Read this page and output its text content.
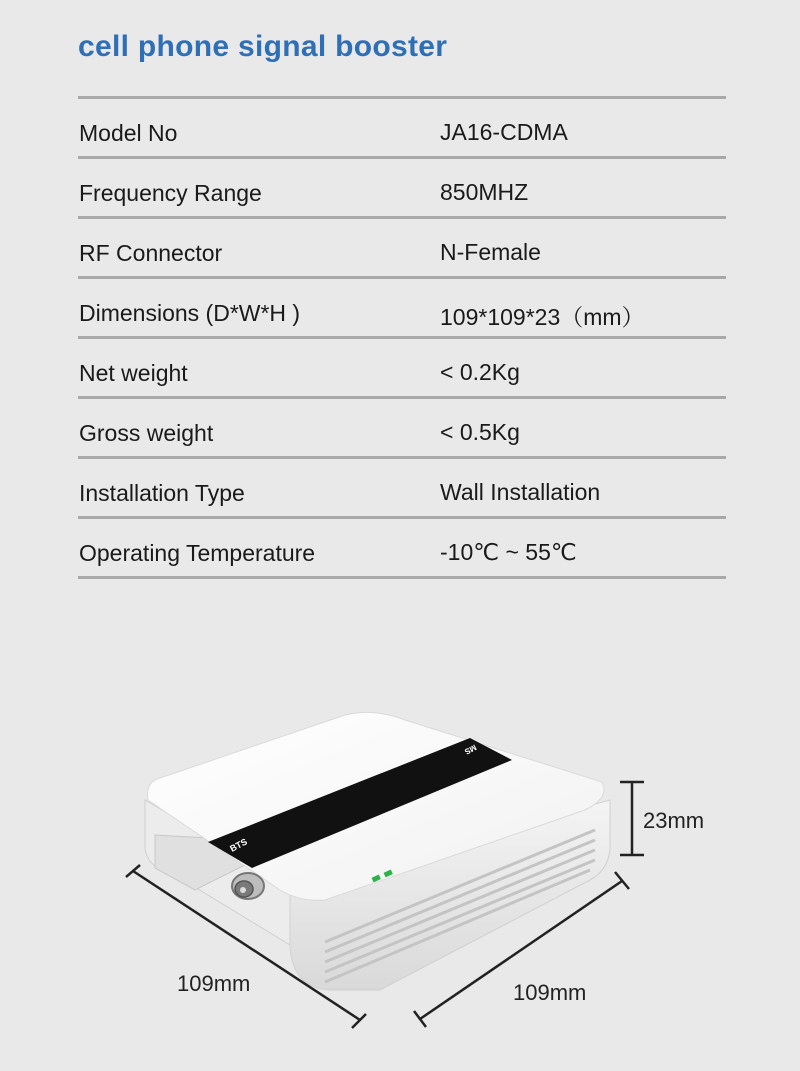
cell phone signal booster
Model No	JA16-CDMA
Frequency Range	850MHZ
RF Connector	N-Female
Dimensions (D*W*H )	109*109*23（mm）
Net weight	< 0.2Kg
Gross weight	< 0.5Kg
Installation Type	Wall Installation
Operating Temperature	-10℃ ~ 55℃
BTS
MS
23mm
109mm	109mm
